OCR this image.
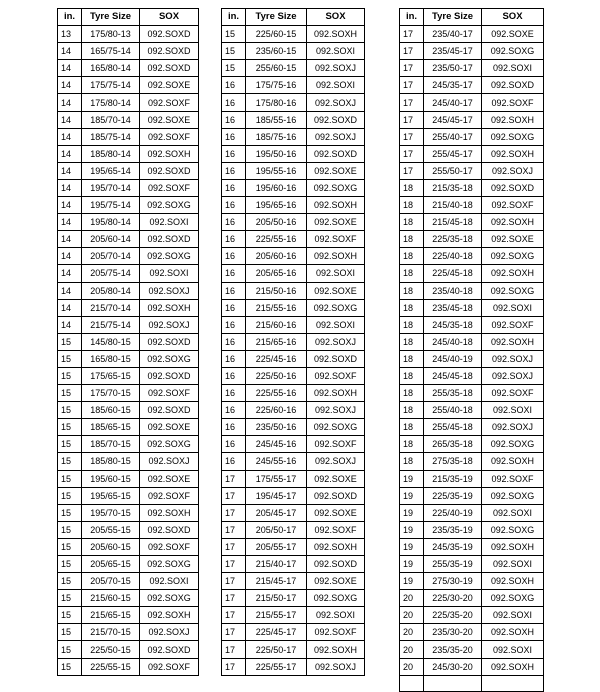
in.	Tyre Size	SOX
13	175/80-13	092.SOXD
14	165/75-14	092.SOXD
14	165/80-14	092.SOXD
14	175/75-14	092.SOXE
14	175/80-14	092.SOXF
14	185/70-14	092.SOXE
14	185/75-14	092.SOXF
14	185/80-14	092.SOXH
14	195/65-14	092.SOXD
14	195/70-14	092.SOXF
14	195/75-14	092.SOXG
14	195/80-14	092.SOXI
14	205/60-14	092.SOXD
14	205/70-14	092.SOXG
14	205/75-14	092.SOXI
14	205/80-14	092.SOXJ
14	215/70-14	092.SOXH
14	215/75-14	092.SOXJ
15	145/80-15	092.SOXD
15	165/80-15	092.SOXG
15	175/65-15	092.SOXD
15	175/70-15	092.SOXF
15	185/60-15	092.SOXD
15	185/65-15	092.SOXE
15	185/70-15	092.SOXG
15	185/80-15	092.SOXJ
15	195/60-15	092.SOXE
15	195/65-15	092.SOXF
15	195/70-15	092.SOXH
15	205/55-15	092.SOXD
15	205/60-15	092.SOXF
15	205/65-15	092.SOXG
15	205/70-15	092.SOXI
15	215/60-15	092.SOXG
15	215/65-15	092.SOXH
15	215/70-15	092.SOXJ
15	225/50-15	092.SOXD
15	225/55-15	092.SOXF
in.	Tyre Size	SOX
15	225/60-15	092.SOXH
15	235/60-15	092.SOXI
15	255/60-15	092.SOXJ
16	175/75-16	092.SOXI
16	175/80-16	092.SOXJ
16	185/55-16	092.SOXD
16	185/75-16	092.SOXJ
16	195/50-16	092.SOXD
16	195/55-16	092.SOXE
16	195/60-16	092.SOXG
16	195/65-16	092.SOXH
16	205/50-16	092.SOXE
16	225/55-16	092.SOXF
16	205/60-16	092.SOXH
16	205/65-16	092.SOXI
16	215/50-16	092.SOXE
16	215/55-16	092.SOXG
16	215/60-16	092.SOXI
16	215/65-16	092.SOXJ
16	225/45-16	092.SOXD
16	225/50-16	092.SOXF
16	225/55-16	092.SOXH
16	225/60-16	092.SOXJ
16	235/50-16	092.SOXG
16	245/45-16	092.SOXF
16	245/55-16	092.SOXJ
17	175/55-17	092.SOXE
17	195/45-17	092.SOXD
17	205/45-17	092.SOXE
17	205/50-17	092.SOXF
17	205/55-17	092.SOXH
17	215/40-17	092.SOXD
17	215/45-17	092.SOXE
17	215/50-17	092.SOXG
17	215/55-17	092.SOXI
17	225/45-17	092.SOXF
17	225/50-17	092.SOXH
17	225/55-17	092.SOXJ
in.	Tyre Size	SOX
17	235/40-17	092.SOXE
17	235/45-17	092.SOXG
17	235/50-17	092.SOXI
17	245/35-17	092.SOXD
17	245/40-17	092.SOXF
17	245/45-17	092.SOXH
17	255/40-17	092.SOXG
17	255/45-17	092.SOXH
17	255/50-17	092.SOXJ
18	215/35-18	092.SOXD
18	215/40-18	092.SOXF
18	215/45-18	092.SOXH
18	225/35-18	092.SOXE
18	225/40-18	092.SOXG
18	225/45-18	092.SOXH
18	235/40-18	092.SOXG
18	235/45-18	092.SOXI
18	245/35-18	092.SOXF
18	245/40-18	092.SOXH
18	245/40-19	092.SOXJ
18	245/45-18	092.SOXJ
18	255/35-18	092.SOXF
18	255/40-18	092.SOXI
18	255/45-18	092.SOXJ
18	265/35-18	092.SOXG
18	275/35-18	092.SOXH
19	215/35-19	092.SOXF
19	225/35-19	092.SOXG
19	225/40-19	092.SOXI
19	235/35-19	092.SOXG
19	245/35-19	092.SOXH
19	255/35-19	092.SOXI
19	275/30-19	092.SOXH
20	225/30-20	092.SOXG
20	225/35-20	092.SOXI
20	235/30-20	092.SOXH
20	235/35-20	092.SOXI
20	245/30-20	092.SOXH
